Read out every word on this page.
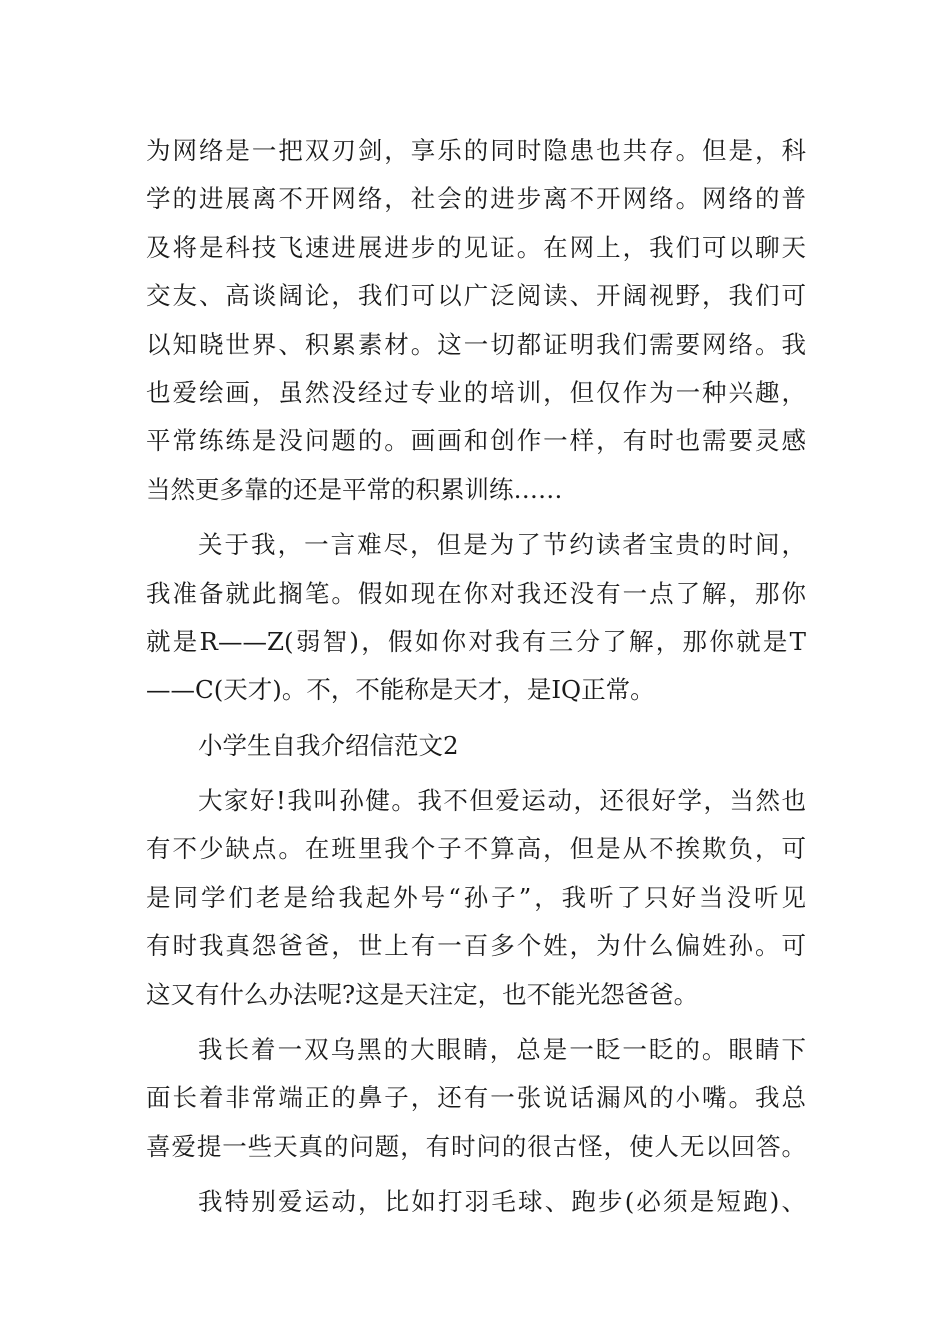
为网络是一把双刃剑，享乐的同时隐患也共存。但是，科
学的进展离不开网络，社会的进步离不开网络。网络的普
及将是科技飞速进展进步的见证。在网上，我们可以聊天
交友、高谈阔论，我们可以广泛阅读、开阔视野，我们可
以知晓世界、积累素材。这一切都证明我们需要网络。我
也爱绘画，虽然没经过专业的培训，但仅作为一种兴趣，
平常练练是没问题的。画画和创作一样，有时也需要灵感
当然更多靠的还是平常的积累训练……
关于我，一言难尽，但是为了节约读者宝贵的时间，
我准备就此搁笔。假如现在你对我还没有一点了解，那你
就是R——Z(弱智)，假如你对我有三分了解，那你就是T
——C(天才)。不，不能称是天才，是IQ正常。
小学生自我介绍信范文2
大家好!我叫孙健。我不但爱运动，还很好学，当然也
有不少缺点。在班里我个子不算高，但是从不挨欺负，可
是同学们老是给我起外号“孙子”，我听了只好当没听见
有时我真怨爸爸，世上有一百多个姓，为什么偏姓孙。可
这又有什么办法呢?这是天注定，也不能光怨爸爸。
我长着一双乌黑的大眼睛，总是一眨一眨的。眼睛下
面长着非常端正的鼻子，还有一张说话漏风的小嘴。我总
喜爱提一些天真的问题，有时问的很古怪，使人无以回答。
我特别爱运动，比如打羽毛球、跑步(必须是短跑)、
